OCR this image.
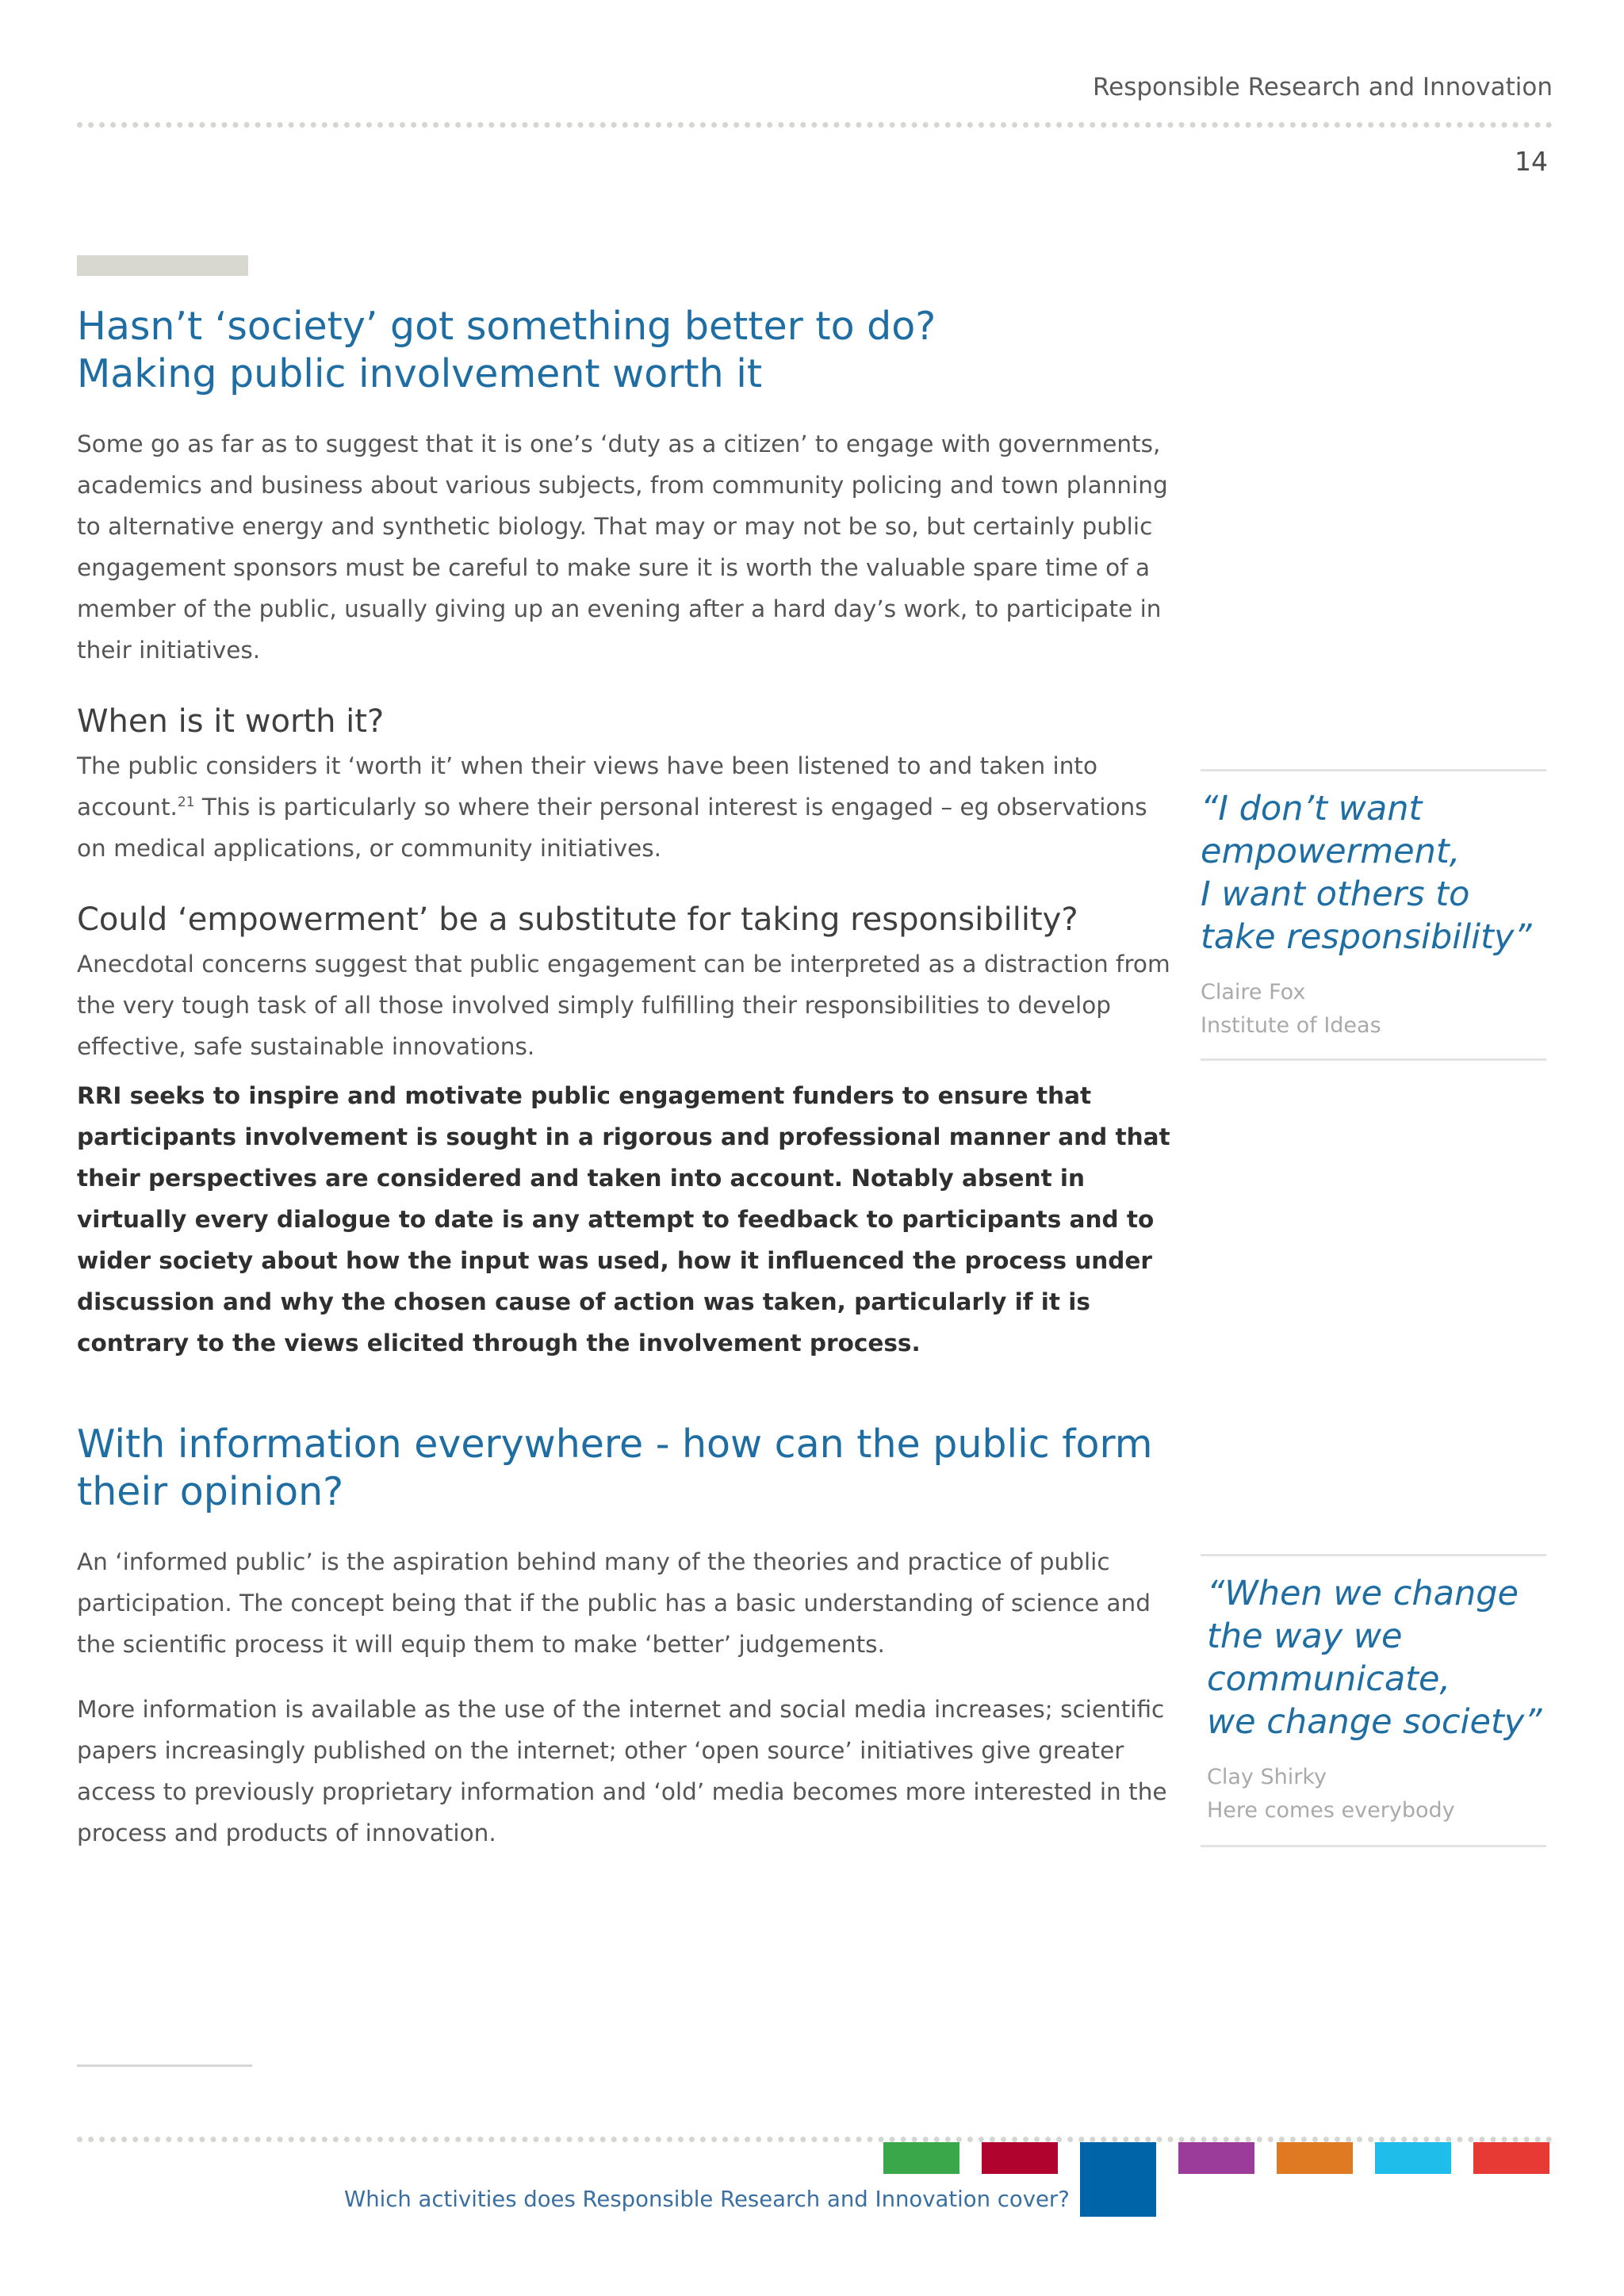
Responsible Research and Innovation
14
Hasn’t ‘society’ got something better to do?
Making public involvement worth it

Some go as far as to suggest that it is one’s ‘duty as a citizen’ to engage with governments, academics and business about various subjects, from community policing and town planning to alternative energy and synthetic biology. That may or may not be so, but certainly public engagement sponsors must be careful to make sure it is worth the valuable spare time of a member of the public, usually giving up an evening after a hard day’s work, to participate in their initiatives.

When is it worth it?

The public considers it ‘worth it’ when their views have been listened to and taken into account.$^{21}$ This is particularly so where their personal interest is engaged – eg observations on medical applications, or community initiatives.

Could ‘empowerment’ be a substitute for taking responsibility?

Anecdotal concerns suggest that public engagement can be interpreted as a distraction from the very tough task of all those involved simply fulfilling their responsibilities to develop effective, safe sustainable innovations.

RRI seeks to inspire and motivate public engagement funders to ensure that participants involvement is sought in a rigorous and professional manner and that their perspectives are considered and taken into account. Notably absent in virtually every dialogue to date is any attempt to feedback to participants and to wider society about how the input was used, how it influenced the process under discussion and why the chosen cause of action was taken, particularly if it is contrary to the views elicited through the involvement process.

With information everywhere - how can the public form
their opinion?

An ‘informed public’ is the aspiration behind many of the theories and practice of public participation. The concept being that if the public has a basic understanding of science and the scientific process it will equip them to make ‘better’ judgements.

More information is available as the use of the internet and social media increases; scientific papers increasingly published on the internet; other ‘open source’ initiatives give greater access to previously proprietary information and ‘old’ media becomes more interested in the process and products of innovation.

“I don’t want
empowerment,
I want others to
take responsibility”

Claire Fox
Institute of Ideas

“When we change
the way we
communicate,
we change society”

Clay Shirky
Here comes everybody
Which activities does Responsible Research and Innovation cover?
